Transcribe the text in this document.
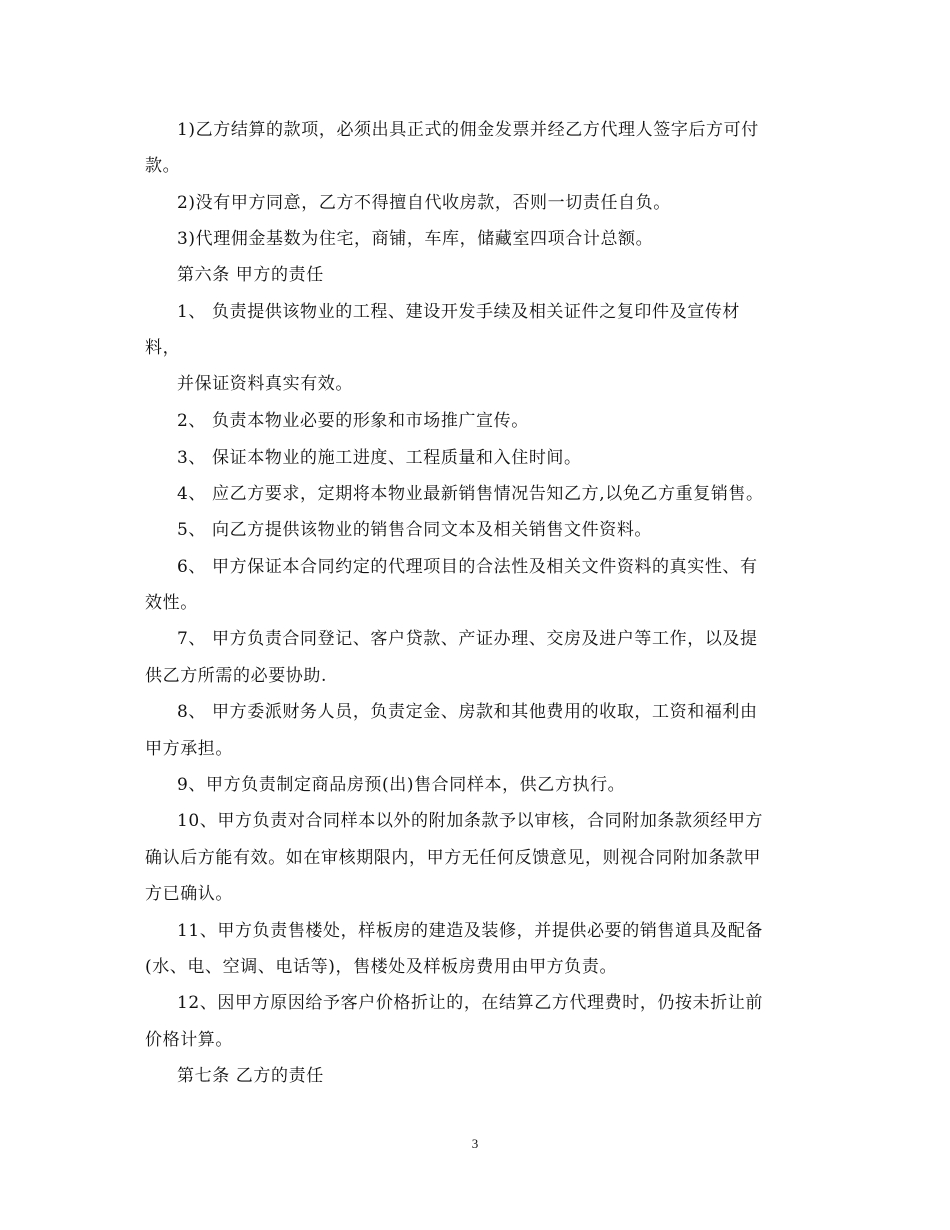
1)乙方结算的款项，必须出具正式的佣金发票并经乙方代理人签字后方可付
款。
2)没有甲方同意，乙方不得擅自代收房款，否则一切责任自负。
3)代理佣金基数为住宅，商铺，车库，储藏室四项合计总额。
第六条 甲方的责任
1、 负责提供该物业的工程、建设开发手续及相关证件之复印件及宣传材
料，
并保证资料真实有效。
2、 负责本物业必要的形象和市场推广宣传。
3、 保证本物业的施工进度、工程质量和入住时间。
4、 应乙方要求，定期将本物业最新销售情况告知乙方,以免乙方重复销售。
5、 向乙方提供该物业的销售合同文本及相关销售文件资料。
6、 甲方保证本合同约定的代理项目的合法性及相关文件资料的真实性、有
效性。
7、 甲方负责合同登记、客户贷款、产证办理、交房及进户等工作，以及提
供乙方所需的必要协助.
8、 甲方委派财务人员，负责定金、房款和其他费用的收取，工资和福利由
甲方承担。
9、甲方负责制定商品房预(出)售合同样本，供乙方执行。
10、甲方负责对合同样本以外的附加条款予以审核，合同附加条款须经甲方
确认后方能有效。如在审核期限内，甲方无任何反馈意见，则视合同附加条款甲
方已确认。
11、甲方负责售楼处，样板房的建造及装修，并提供必要的销售道具及配备
(水、电、空调、电话等)，售楼处及样板房费用由甲方负责。
12、因甲方原因给予客户价格折让的，在结算乙方代理费时，仍按未折让前
价格计算。
第七条 乙方的责任
3
